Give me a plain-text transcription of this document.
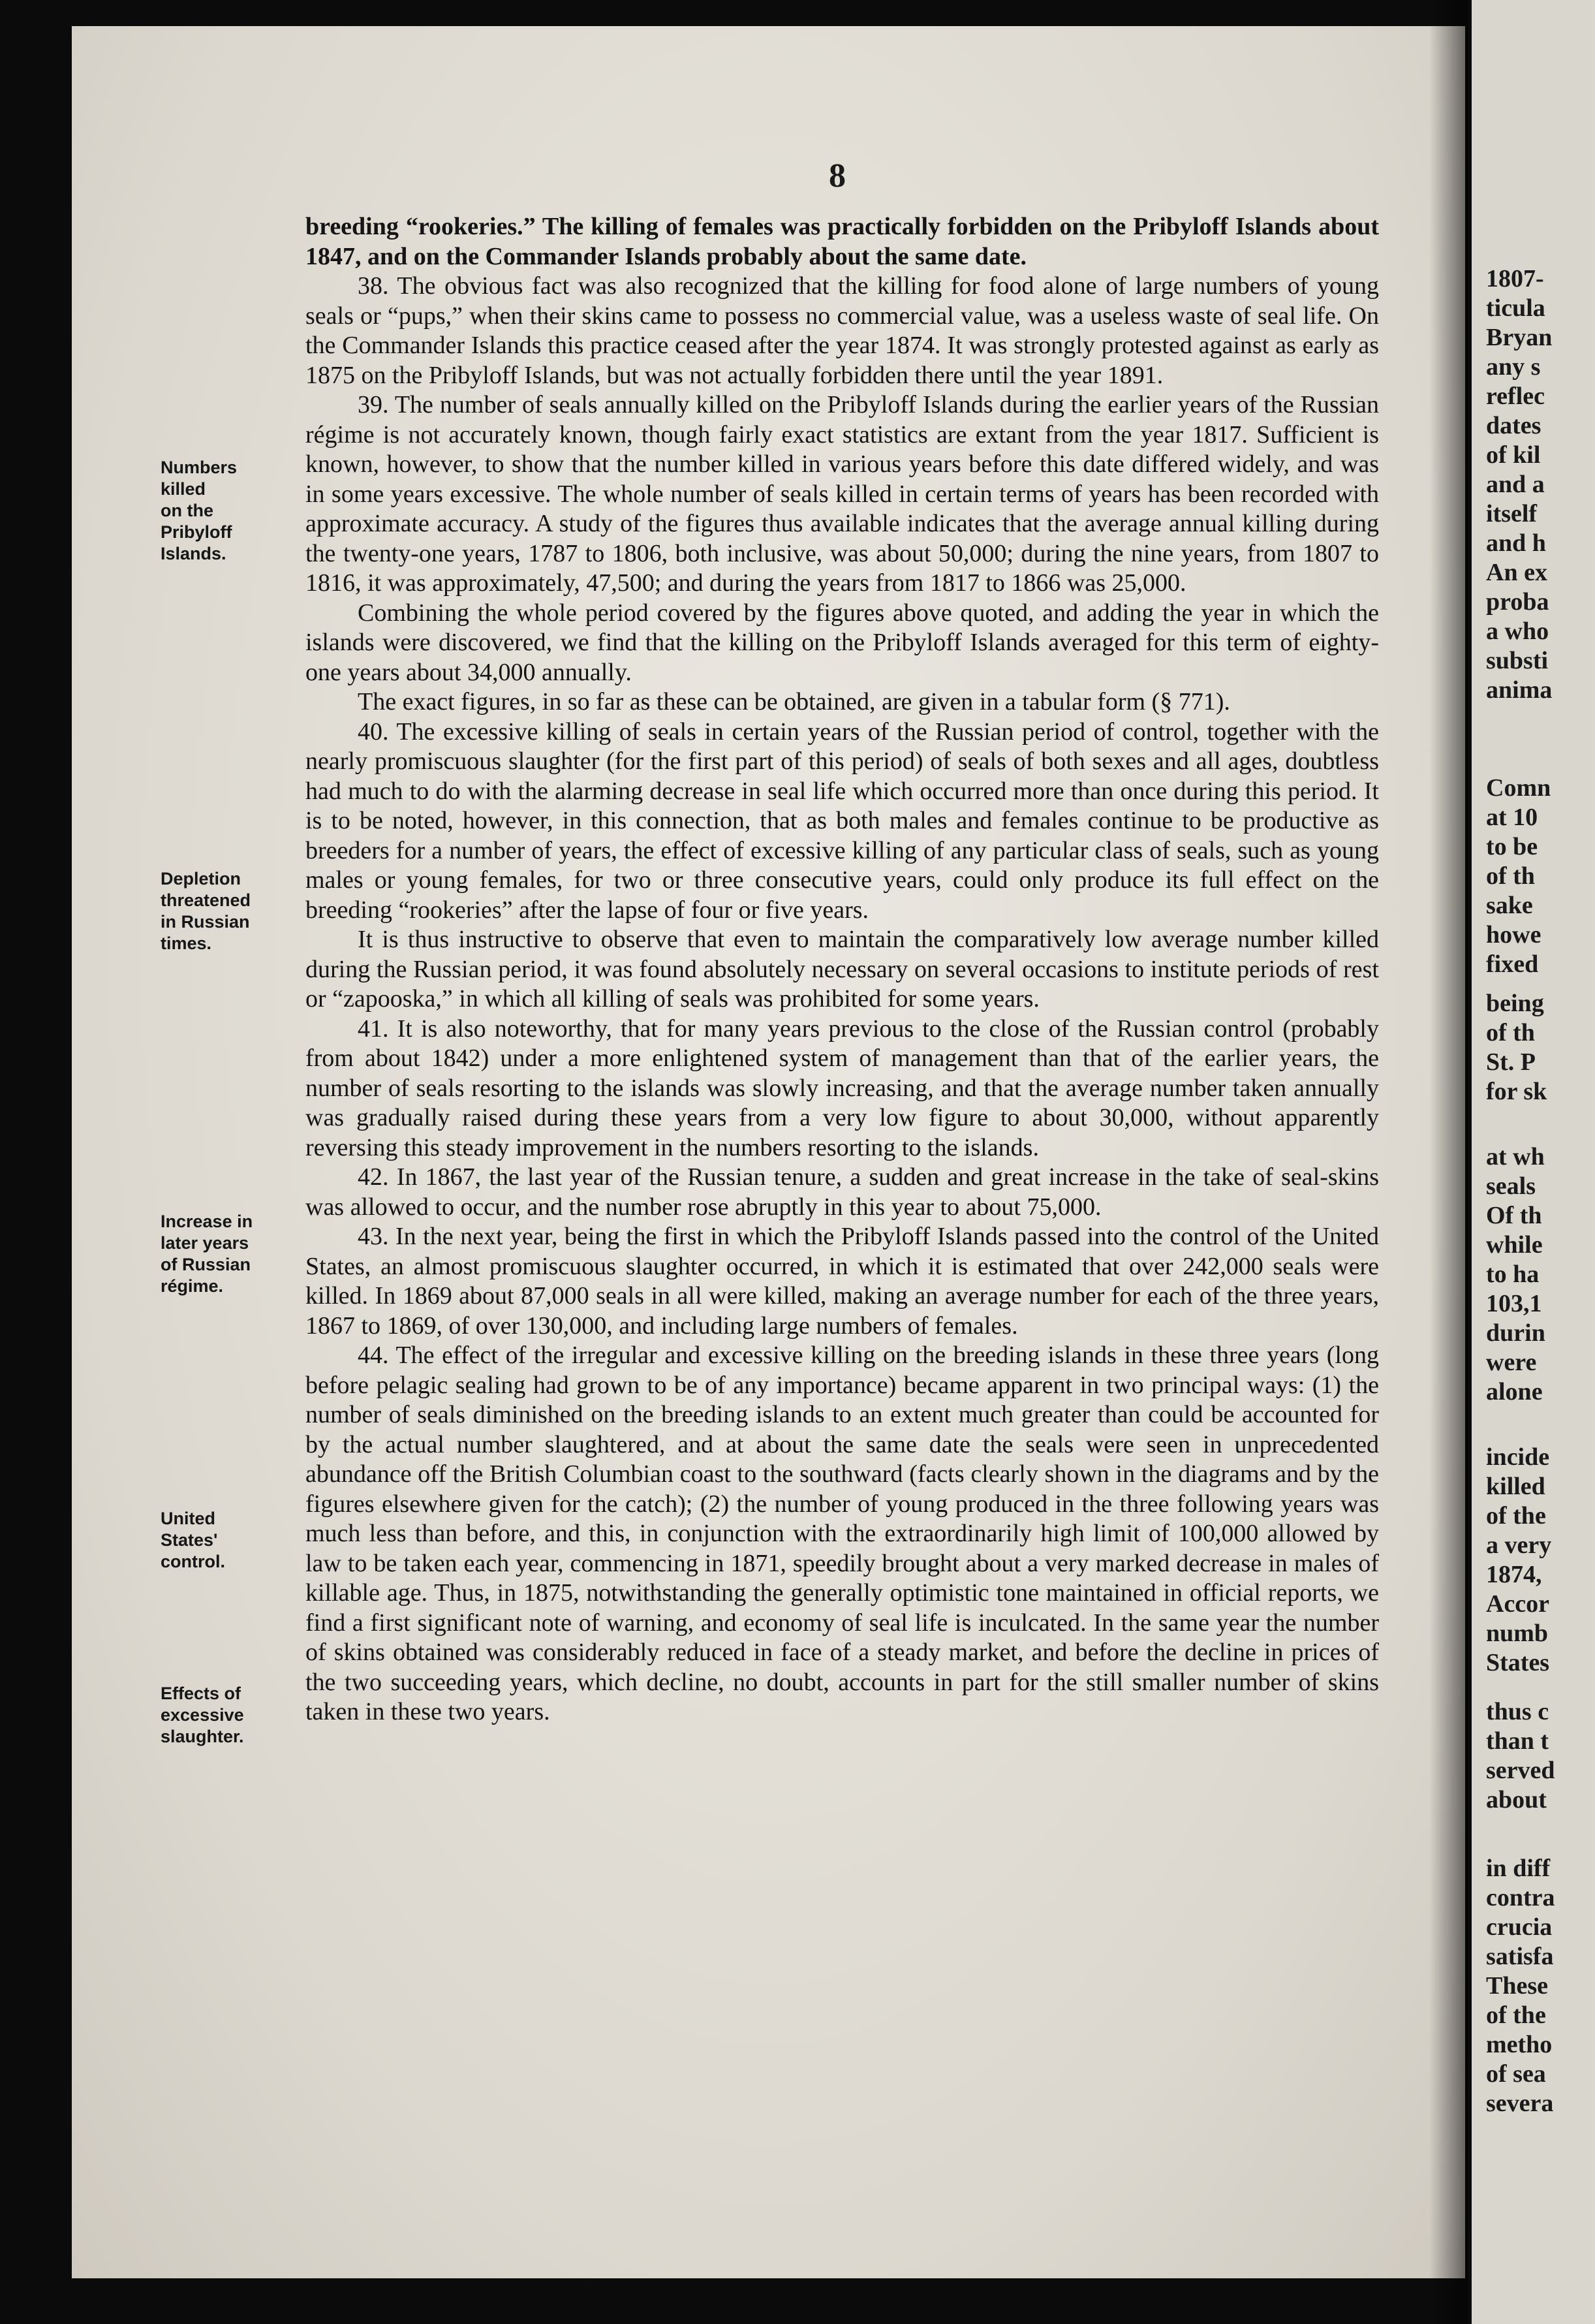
8

breeding “rookeries.” The killing of females was practically forbidden on the Pribyloff Islands about 1847, and on the Commander Islands probably about the same date.

38. The obvious fact was also recognized that the killing for food alone of large numbers of young seals or “pups,” when their skins came to possess no commercial value, was a useless waste of seal life. On the Commander Islands this practice ceased after the year 1874. It was strongly protested against as early as 1875 on the Pribyloff Islands, but was not actually forbidden there until the year 1891.

39. The number of seals annually killed on the Pribyloff Islands during the earlier years of the Russian régime is not accurately known, though fairly exact statistics are extant from the year 1817. Sufficient is known, however, to show that the number killed in various years before this date differed widely, and was in some years excessive. The whole number of seals killed in certain terms of years has been recorded with approximate accuracy. A study of the figures thus available indicates that the average annual killing during the twenty-one years, 1787 to 1806, both inclusive, was about 50,000; during the nine years, from 1807 to 1816, it was approximately, 47,500; and during the years from 1817 to 1866 was 25,000.

Combining the whole period covered by the figures above quoted, and adding the year in which the islands were discovered, we find that the killing on the Pribyloff Islands averaged for this term of eighty-one years about 34,000 annually.

The exact figures, in so far as these can be obtained, are given in a tabular form (§ 771).

40. The excessive killing of seals in certain years of the Russian period of control, together with the nearly promiscuous slaughter (for the first part of this period) of seals of both sexes and all ages, doubtless had much to do with the alarming decrease in seal life which occurred more than once during this period. It is to be noted, however, in this connection, that as both males and females continue to be productive as breeders for a number of years, the effect of excessive killing of any particular class of seals, such as young males or young females, for two or three consecutive years, could only produce its full effect on the breeding “rookeries” after the lapse of four or five years.

It is thus instructive to observe that even to maintain the comparatively low average number killed during the Russian period, it was found absolutely necessary on several occasions to institute periods of rest or “zapooska,” in which all killing of seals was prohibited for some years.

41. It is also noteworthy, that for many years previous to the close of the Russian control (probably from about 1842) under a more enlightened system of management than that of the earlier years, the number of seals resorting to the islands was slowly increasing, and that the average number taken annually was gradually raised during these years from a very low figure to about 30,000, without apparently reversing this steady improvement in the numbers resorting to the islands.

42. In 1867, the last year of the Russian tenure, a sudden and great increase in the take of seal-skins was allowed to occur, and the number rose abruptly in this year to about 75,000.

43. In the next year, being the first in which the Pribyloff Islands passed into the control of the United States, an almost promiscuous slaughter occurred, in which it is estimated that over 242,000 seals were killed. In 1869 about 87,000 seals in all were killed, making an average number for each of the three years, 1867 to 1869, of over 130,000, and including large numbers of females.

44. The effect of the irregular and excessive killing on the breeding islands in these three years (long before pelagic sealing had grown to be of any importance) became apparent in two principal ways: (1) the number of seals diminished on the breeding islands to an extent much greater than could be accounted for by the actual number slaughtered, and at about the same date the seals were seen in unprecedented abundance off the British Columbian coast to the southward (facts clearly shown in the diagrams and by the figures elsewhere given for the catch); (2) the number of young produced in the three following years was much less than before, and this, in conjunction with the extraordinarily high limit of 100,000 allowed by law to be taken each year, commencing in 1871, speedily brought about a very marked decrease in males of killable age. Thus, in 1875, notwithstanding the generally optimistic tone maintained in official reports, we find a first significant note of warning, and economy of seal life is inculcated. In the same year the number of skins obtained was considerably reduced in face of a steady market, and before the decline in prices of the two succeeding years, which decline, no doubt, accounts in part for the still smaller number of skins taken in these two years.

Numbers
killed
on the
Pribyloff
Islands.
Depletion
threatened
in Russian
times.
Increase in
later years
of Russian
régime.
United
States'
control.
Effects of
excessive
slaughter.
1807-
ticula
Bryan
any s
reflec
dates
of kil
and a
itself
and h
An ex
proba
a who
substi
anima
Comn
at 10
to be
of th
sake
howe
fixed
being
of th
St. P
for sk
at wh
seals
Of th
while
to ha
103,1
durin
were
alone
incide
killed
of the
a very
1874,
Accor
numb
States
thus c
than t
served
about
in diff
contra
crucia
satisfa
These
of the
metho
of sea
severa
